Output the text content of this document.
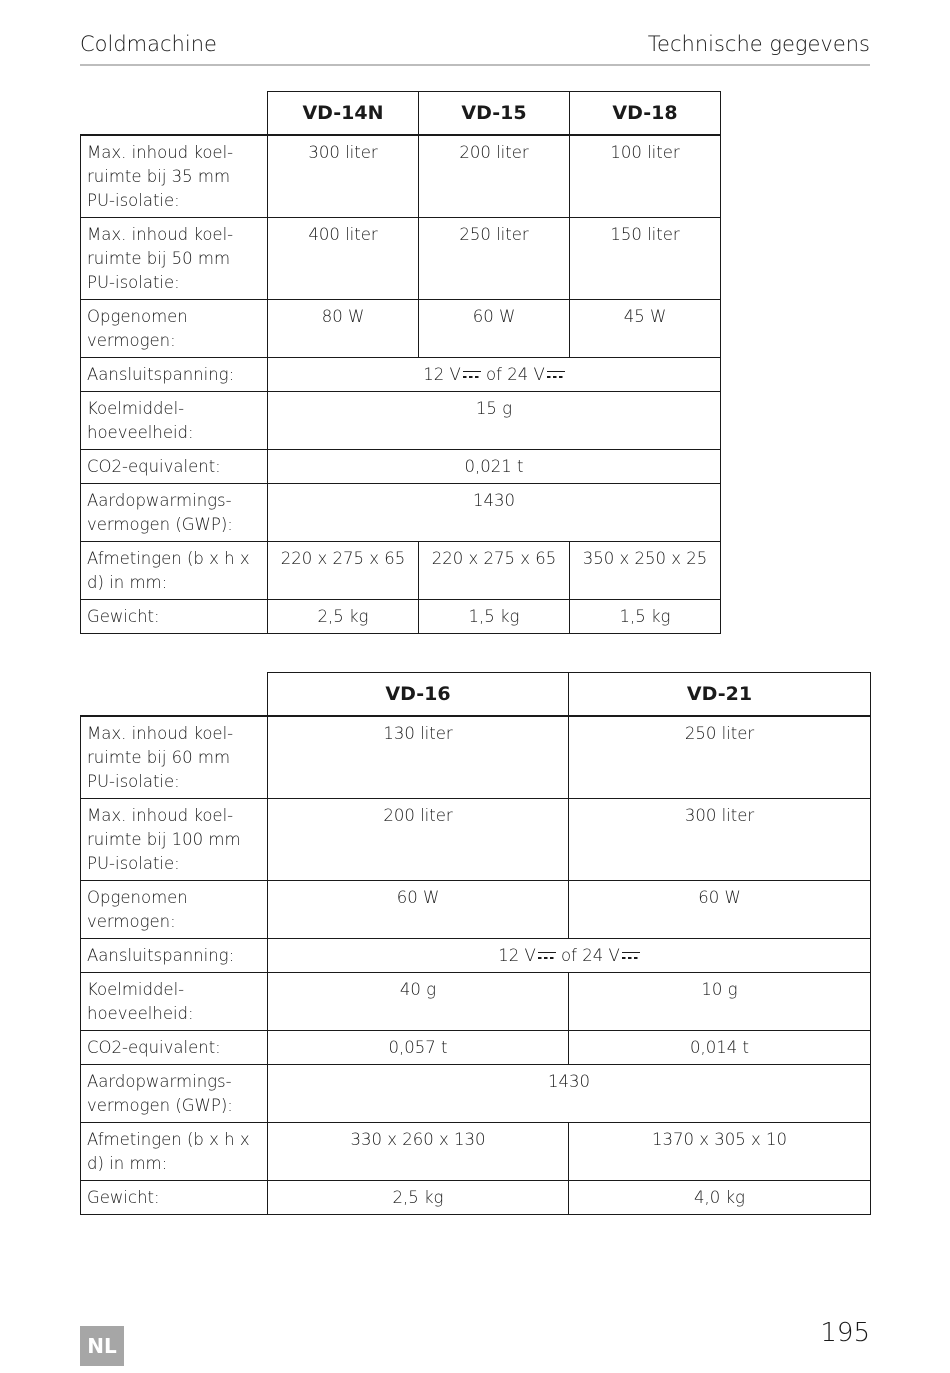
Coldmachine	Technische gegevens
	VD-14N	VD-15	VD-18
Max. inhoud koel-ruimte bij 35 mm PU-isolatie:	300 liter	200 liter	100 liter
Max. inhoud koel-ruimte bij 50 mm PU-isolatie:	400 liter	250 liter	150 liter
Opgenomen vermogen:	80 W	60 W	45 W
Aansluitspanning:	12 V of 24 V		
Koelmiddel-hoeveelheid:	15 g		
CO2-equivalent:	0,021 t		
Aardopwarmings-vermogen (GWP):	1430		
Afmetingen (b x h x d) in mm:	220 x 275 x 65	220 x 275 x 65	350 x 250 x 25
Gewicht:	2,5 kg	1,5 kg	1,5 kg
	VD-16	VD-21
Max. inhoud koel-ruimte bij 60 mm PU-isolatie:	130 liter	250 liter
Max. inhoud koel-ruimte bij 100 mm PU-isolatie:	200 liter	300 liter
Opgenomen vermogen:	60 W	60 W
Aansluitspanning:	12 V of 24 V	
Koelmiddel-hoeveelheid:	40 g	10 g
CO2-equivalent:	0,057 t	0,014 t
Aardopwarmings-vermogen (GWP):	1430	
Afmetingen (b x h x d) in mm:	330 x 260 x 130	1370 x 305 x 10
Gewicht:	2,5 kg	4,0 kg
NL	195
